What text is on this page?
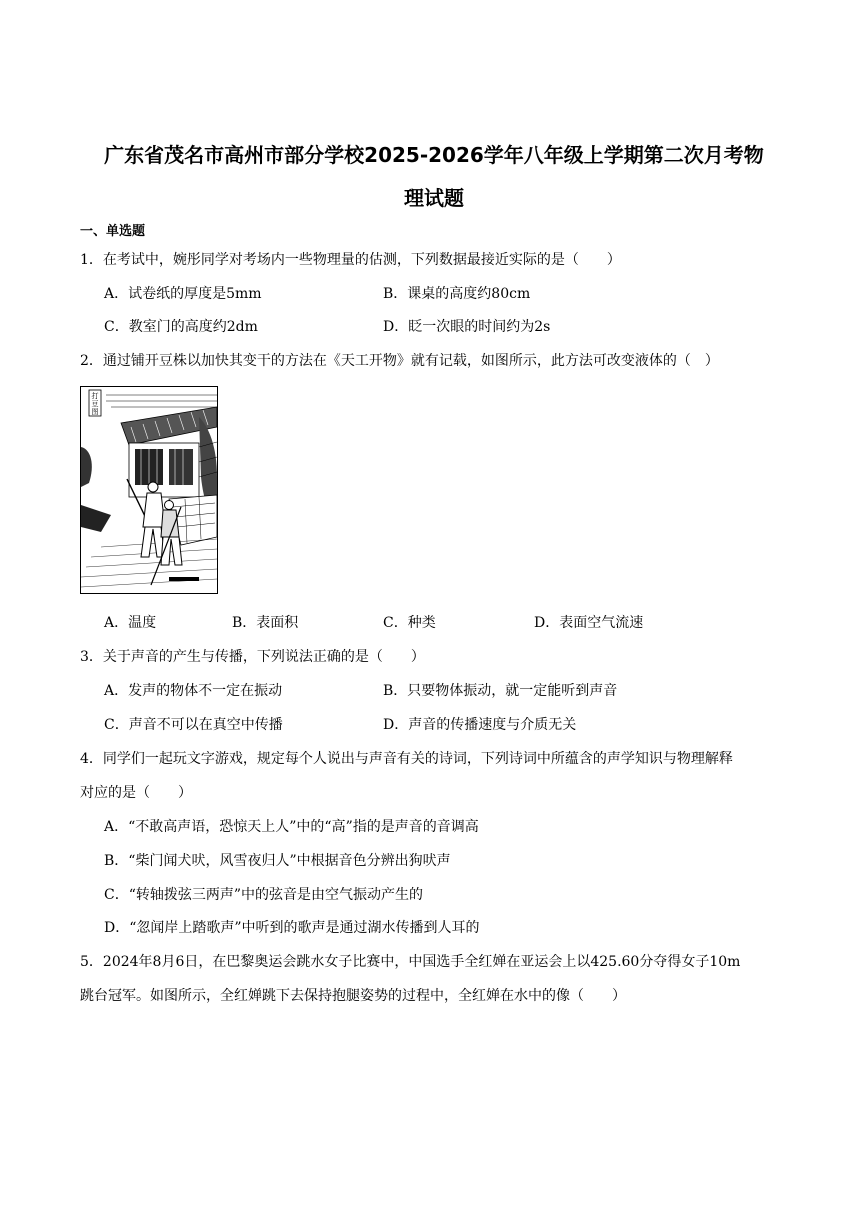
广东省茂名市高州市部分学校2025-2026学年八年级上学期第二次月考物
理试题
一、单选题
1．在考试中，婉彤同学对考场内一些物理量的估测，下列数据最接近实际的是（　　）
A．试卷纸的厚度是5mm	B．课桌的高度约80cm
C．教室门的高度约2dm	D．眨一次眼的时间约为2s
2．通过铺开豆株以加快其变干的方法在《天工开物》就有记载，如图所示，此方法可改变液体的（　）
打豆图
A．温度	B．表面积	C．种类	D．表面空气流速
3．关于声音的产生与传播，下列说法正确的是（　　）
A．发声的物体不一定在振动	B．只要物体振动，就一定能听到声音
C．声音不可以在真空中传播	D．声音的传播速度与介质无关
4．同学们一起玩文字游戏，规定每个人说出与声音有关的诗词，下列诗词中所蕴含的声学知识与物理解释
对应的是（　　）
A．“不敢高声语，恐惊天上人”中的“高”指的是声音的音调高
B．“柴门闻犬吠，风雪夜归人”中根据音色分辨出狗吠声
C．“转轴拨弦三两声”中的弦音是由空气振动产生的
D．“忽闻岸上踏歌声”中听到的歌声是通过湖水传播到人耳的
5．2024年8月6日，在巴黎奥运会跳水女子比赛中，中国选手全红婵在亚运会上以425.60分夺得女子10m
跳台冠军。如图所示，全红婵跳下去保持抱腿姿势的过程中，全红婵在水中的像（　　）
